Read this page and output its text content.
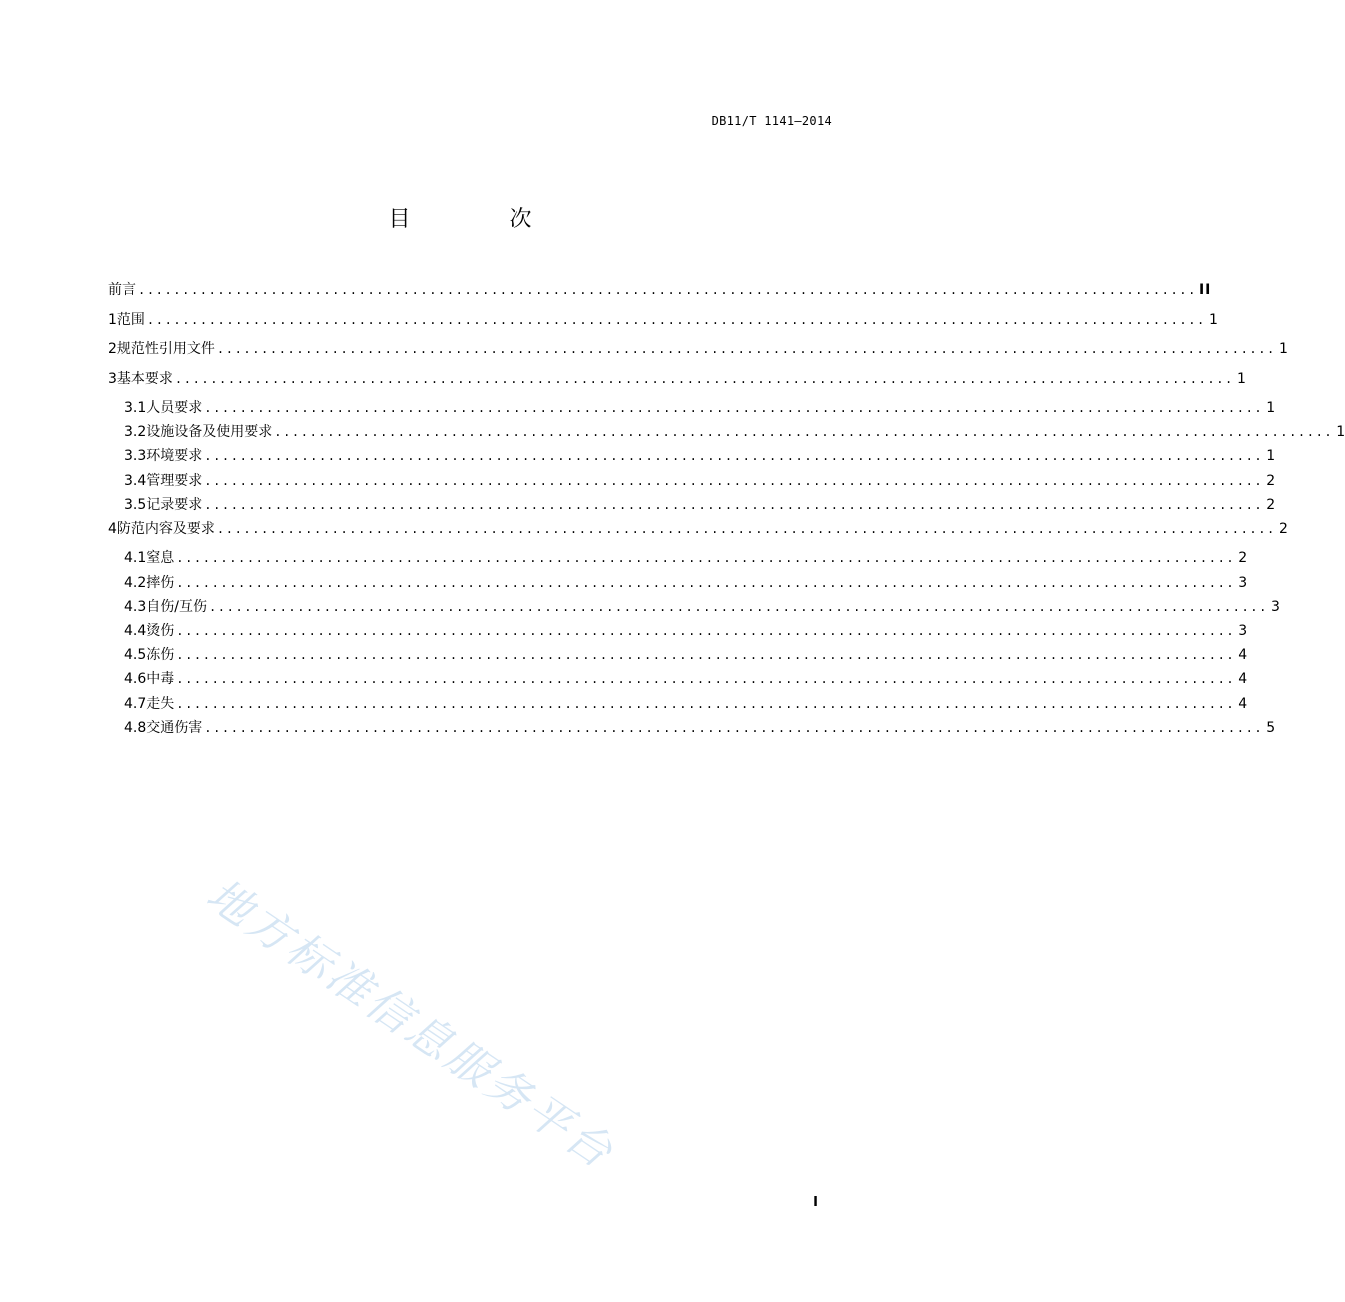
DB11/T 1141—2014
目 次
前言 ........................................................................................................................ II
1 范围 ........................................................................................................................ 1
2 规范性引用文件 ........................................................................................................................ 1
3 基本要求 ........................................................................................................................ 1
3.1 人员要求 ........................................................................................................................ 1
3.2 设施设备及使用要求 ........................................................................................................................ 1
3.3 环境要求 ........................................................................................................................ 1
3.4 管理要求 ........................................................................................................................ 2
3.5 记录要求 ........................................................................................................................ 2
4 防范内容及要求 ........................................................................................................................ 2
4.1 窒息 ........................................................................................................................ 2
4.2 摔伤 ........................................................................................................................ 3
4.3 自伤/互伤 ........................................................................................................................ 3
4.4 烫伤 ........................................................................................................................ 3
4.5 冻伤 ........................................................................................................................ 4
4.6 中毒 ........................................................................................................................ 4
4.7 走失 ........................................................................................................................ 4
4.8 交通伤害 ........................................................................................................................ 5
地方标准信息服务平台
I
